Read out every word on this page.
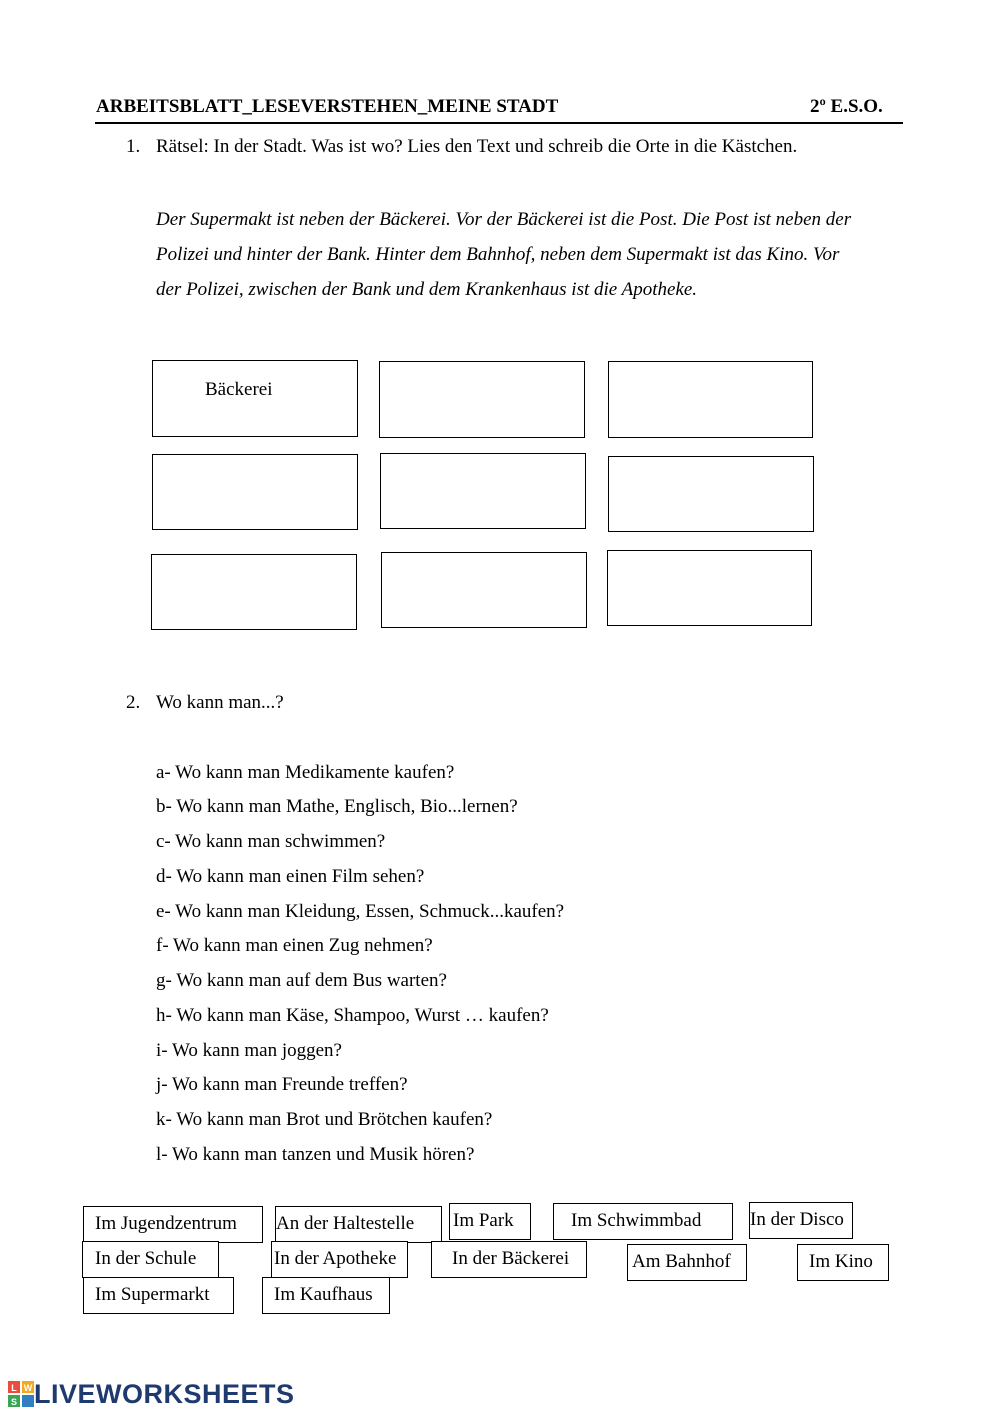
ARBEITSBLATT_LESEVERSTEHEN_MEINE STADT	2º E.S.O.
1. Rätsel: In der Stadt. Was ist wo? Lies den Text und schreib die Orte in die Kästchen.
Der Supermakt ist neben der Bäckerei. Vor der Bäckerei ist die Post. Die Post ist neben der
Polizei und hinter der Bank. Hinter dem Bahnhof, neben dem Supermakt ist das Kino. Vor
der Polizei, zwischen der Bank und dem Krankenhaus ist die Apotheke.
Bäckerei
2. Wo kann man...?
a- Wo kann man Medikamente kaufen?
b- Wo kann man Mathe, Englisch, Bio...lernen?
c- Wo kann man schwimmen?
d- Wo kann man einen Film sehen?
e- Wo kann man Kleidung, Essen, Schmuck...kaufen?
f- Wo kann man einen Zug nehmen?
g- Wo kann man auf dem Bus warten?
h- Wo kann man Käse, Shampoo, Wurst … kaufen?
i- Wo kann man joggen?
j- Wo kann man Freunde treffen?
k- Wo kann man Brot und Brötchen kaufen?
l- Wo kann man tanzen und Musik hören?
Im Jugendzentrum	An der Haltestelle	Im Park	Im Schwimmbad	In der Disco
In der Schule	In der Apotheke	In der Bäckerei	Am Bahnhof	Im Kino
Im Supermarkt	Im Kaufhaus
L W
S LIVEWORKSHEETS
